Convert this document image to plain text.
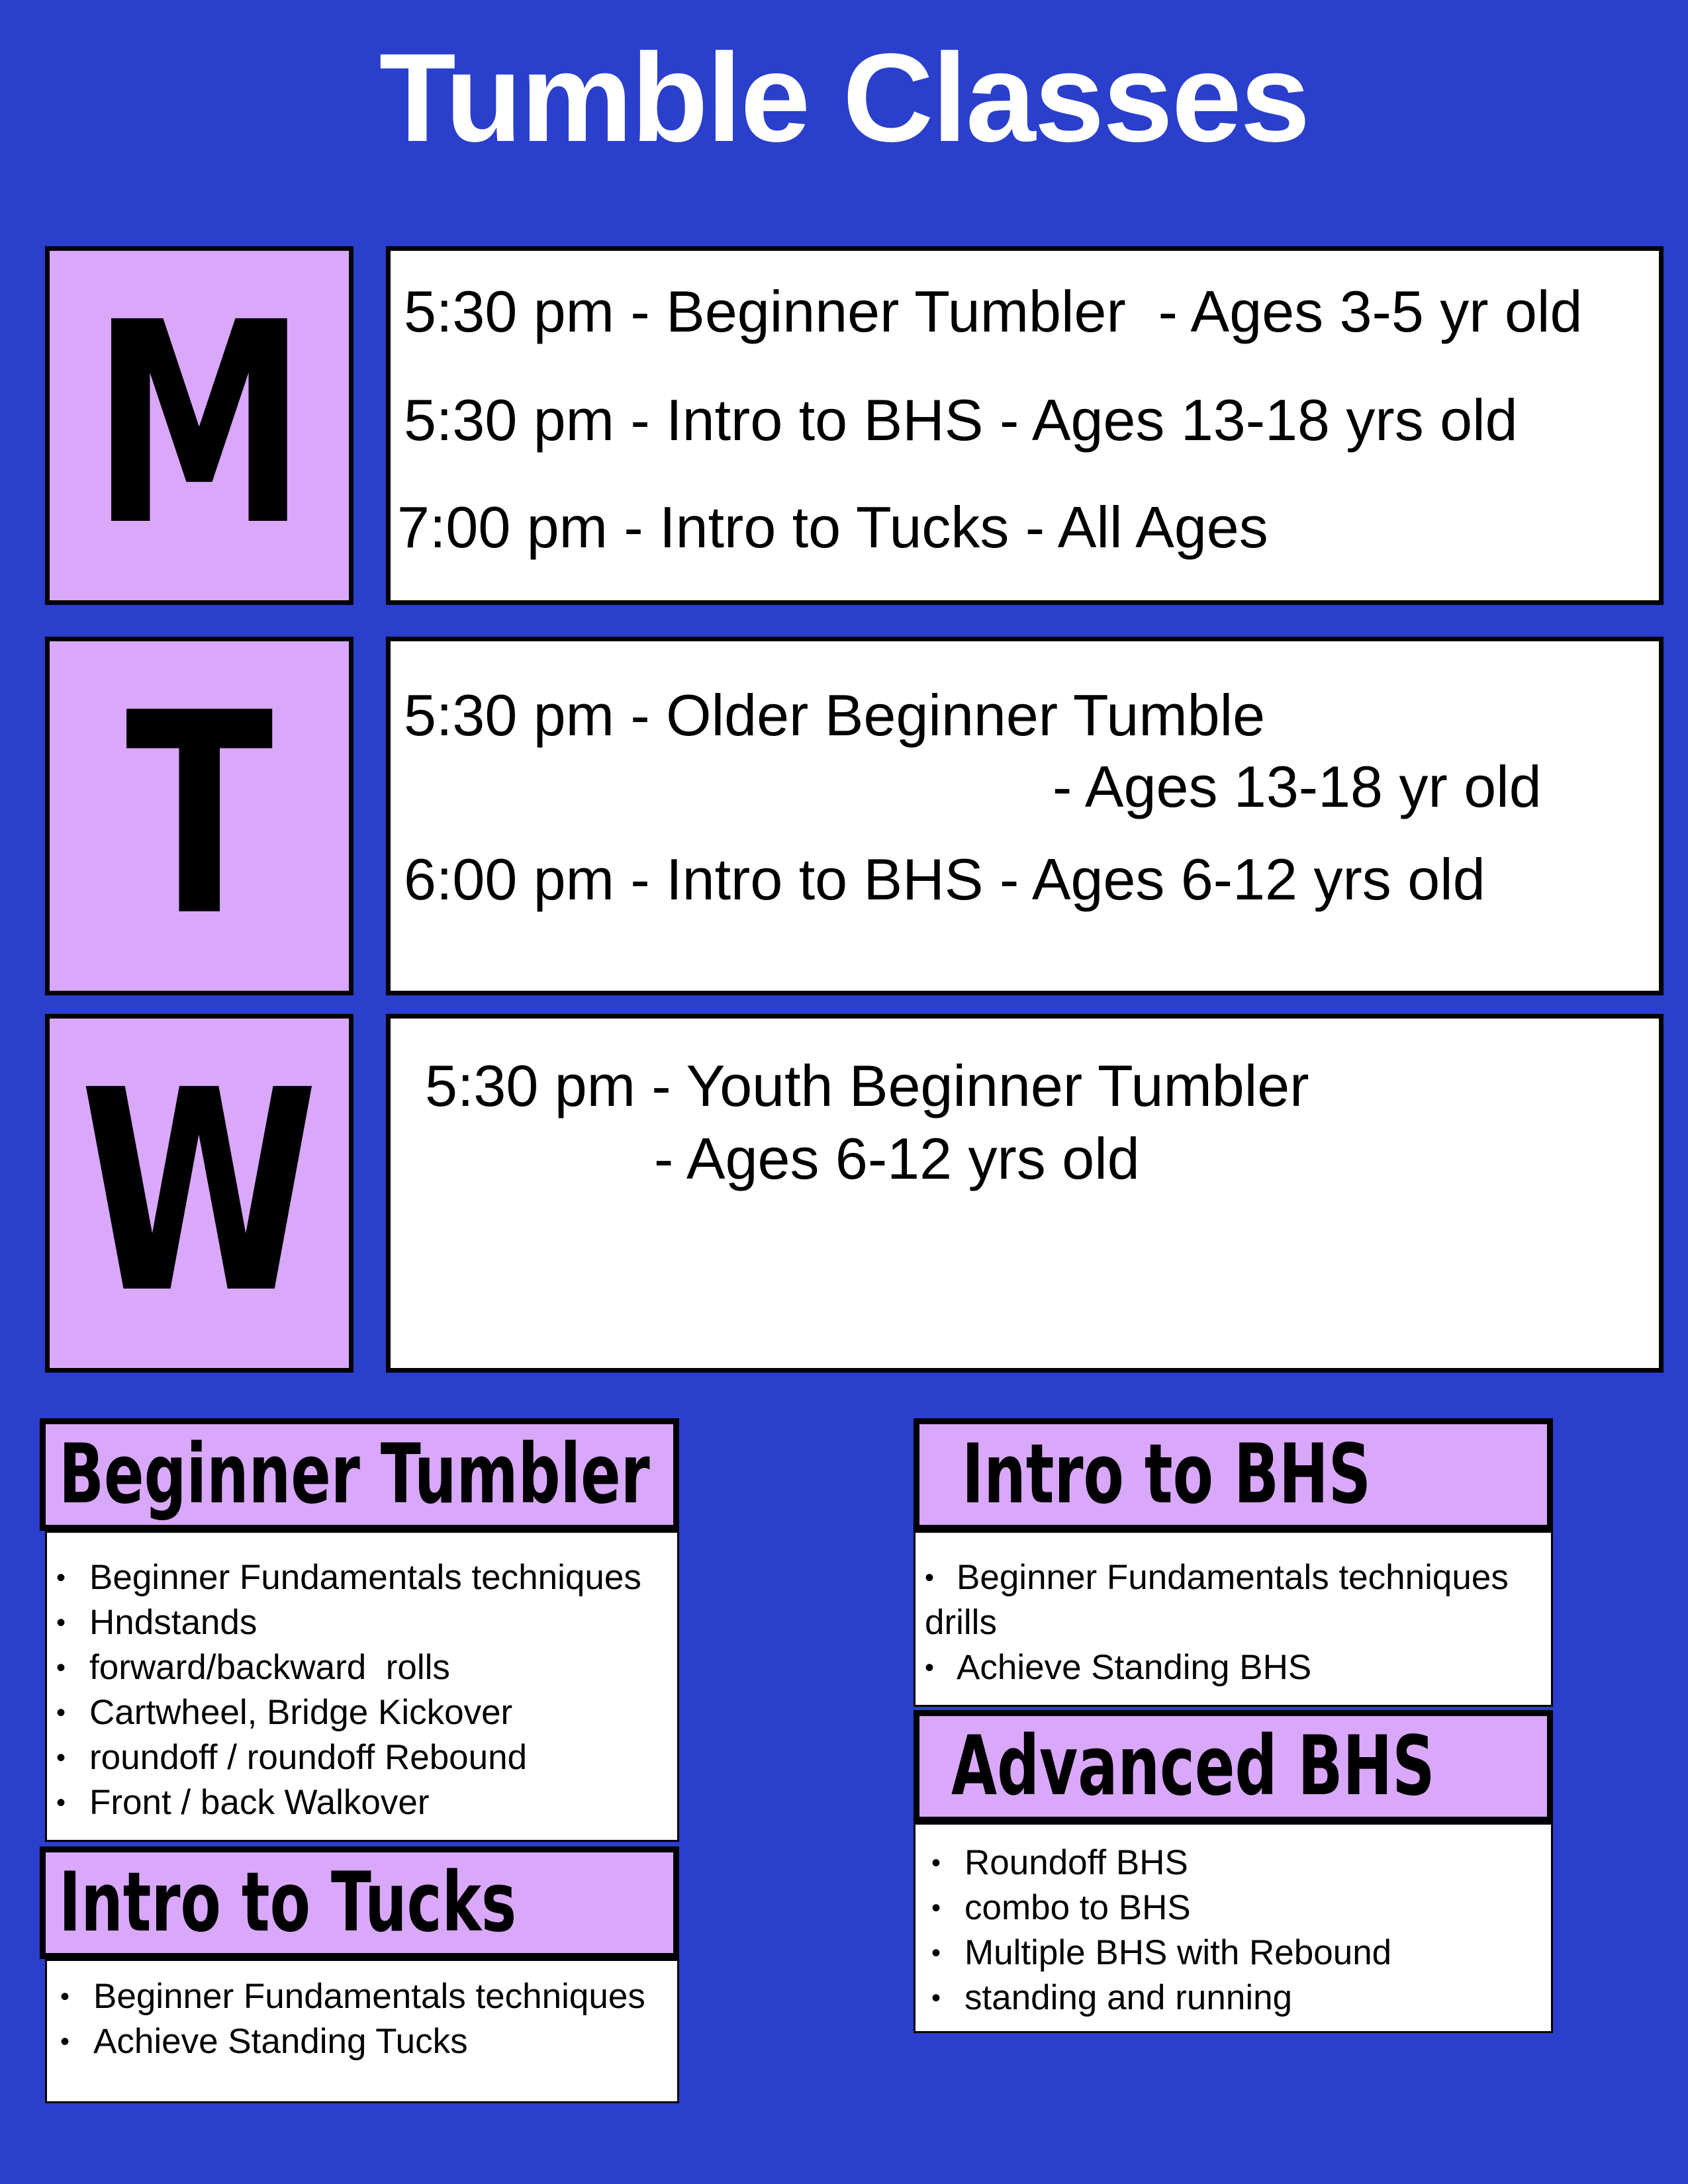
Tumble Classes
M 5:30 pm - Beginner Tumbler  - Ages 3-5 yr old
5:30 pm - Intro to BHS - Ages 13-18 yrs old
7:00 pm - Intro to Tucks - All Ages
T 5:30 pm - Older Beginner Tumble
- Ages 13-18 yr old
6:00 pm - Intro to BHS - Ages 6-12 yrs old
W 5:30 pm - Youth Beginner Tumbler
- Ages 6-12 yrs old
Beginner Tumbler
• Beginner Fundamentals techniques
• Hndstands
• forward/backward  rolls
• Cartwheel, Bridge Kickover
• roundoff / roundoff Rebound
• Front / back Walkover
Intro to Tucks
• Beginner Fundamentals techniques
• Achieve Standing Tucks
Intro to BHS
• Beginner Fundamentals techniques
drills
• Achieve Standing BHS
Advanced BHS
• Roundoff BHS
• combo to BHS
• Multiple BHS with Rebound
• standing and running
